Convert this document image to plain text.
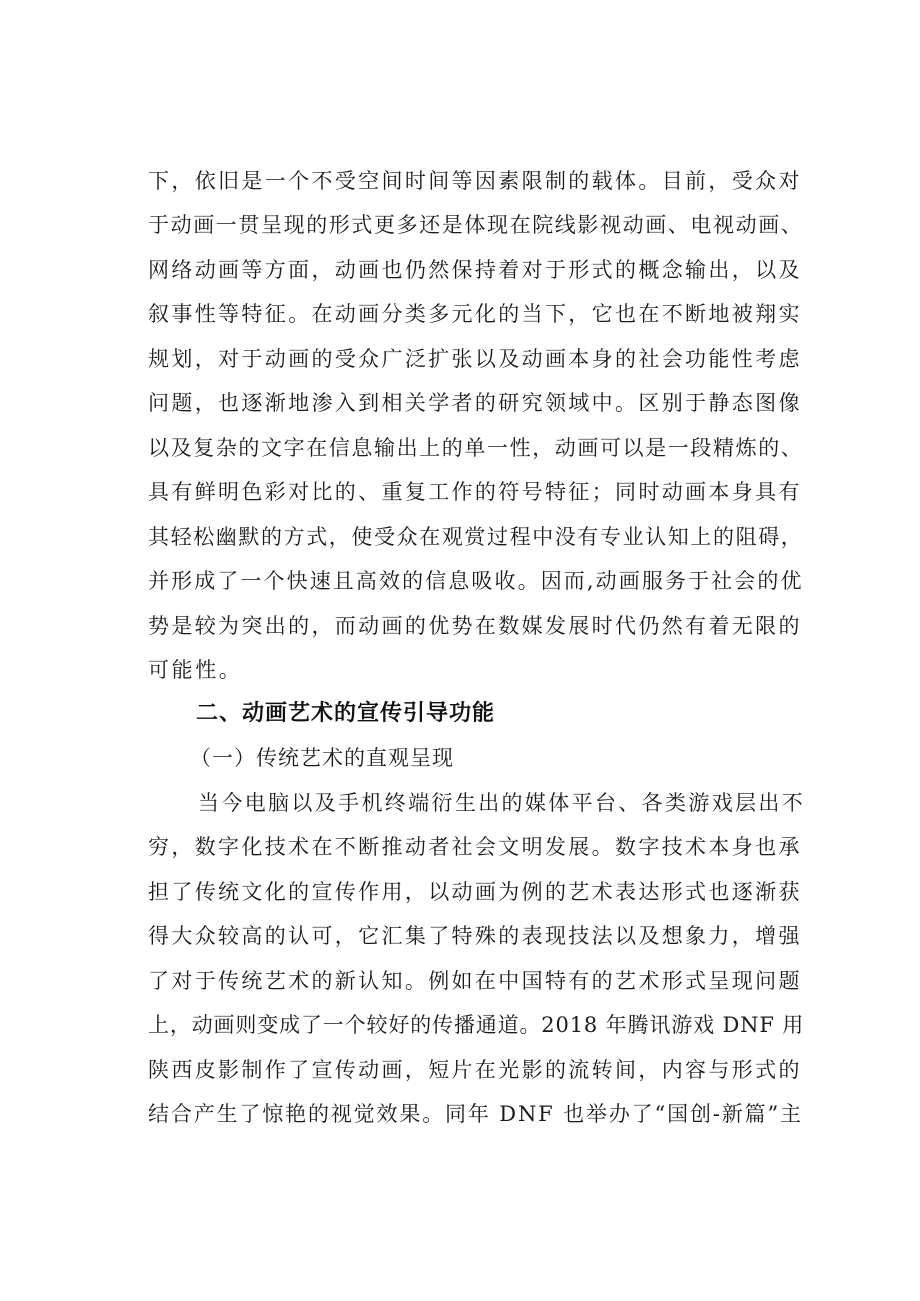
下，依旧是一个不受空间时间等因素限制的载体。目前，受众对

于动画一贯呈现的形式更多还是体现在院线影视动画、电视动画、

网络动画等方面，动画也仍然保持着对于形式的概念输出，以及

叙事性等特征。在动画分类多元化的当下，它也在不断地被翔实

规划，对于动画的受众广泛扩张以及动画本身的社会功能性考虑

问题，也逐渐地渗入到相关学者的研究领域中。区别于静态图像

以及复杂的文字在信息输出上的单一性，动画可以是一段精炼的、

具有鲜明色彩对比的、重复工作的符号特征；同时动画本身具有

其轻松幽默的方式，使受众在观赏过程中没有专业认知上的阻碍，

并形成了一个快速且高效的信息吸收。因而,动画服务于社会的优

势是较为突出的，而动画的优势在数媒发展时代仍然有着无限的

可能性。

二、动画艺术的宣传引导功能

（一）传统艺术的直观呈现

当今电脑以及手机终端衍生出的媒体平台、各类游戏层出不

穷，数字化技术在不断推动者社会文明发展。数字技术本身也承

担了传统文化的宣传作用，以动画为例的艺术表达形式也逐渐获

得大众较高的认可，它汇集了特殊的表现技法以及想象力，增强

了对于传统艺术的新认知。例如在中国特有的艺术形式呈现问题

上，动画则变成了一个较好的传播通道。2018 年腾讯游戏 DNF 用

陕西皮影制作了宣传动画，短片在光影的流转间，内容与形式的

结合产生了惊艳的视觉效果。同年 DNF 也举办了“国创-新篇”主
